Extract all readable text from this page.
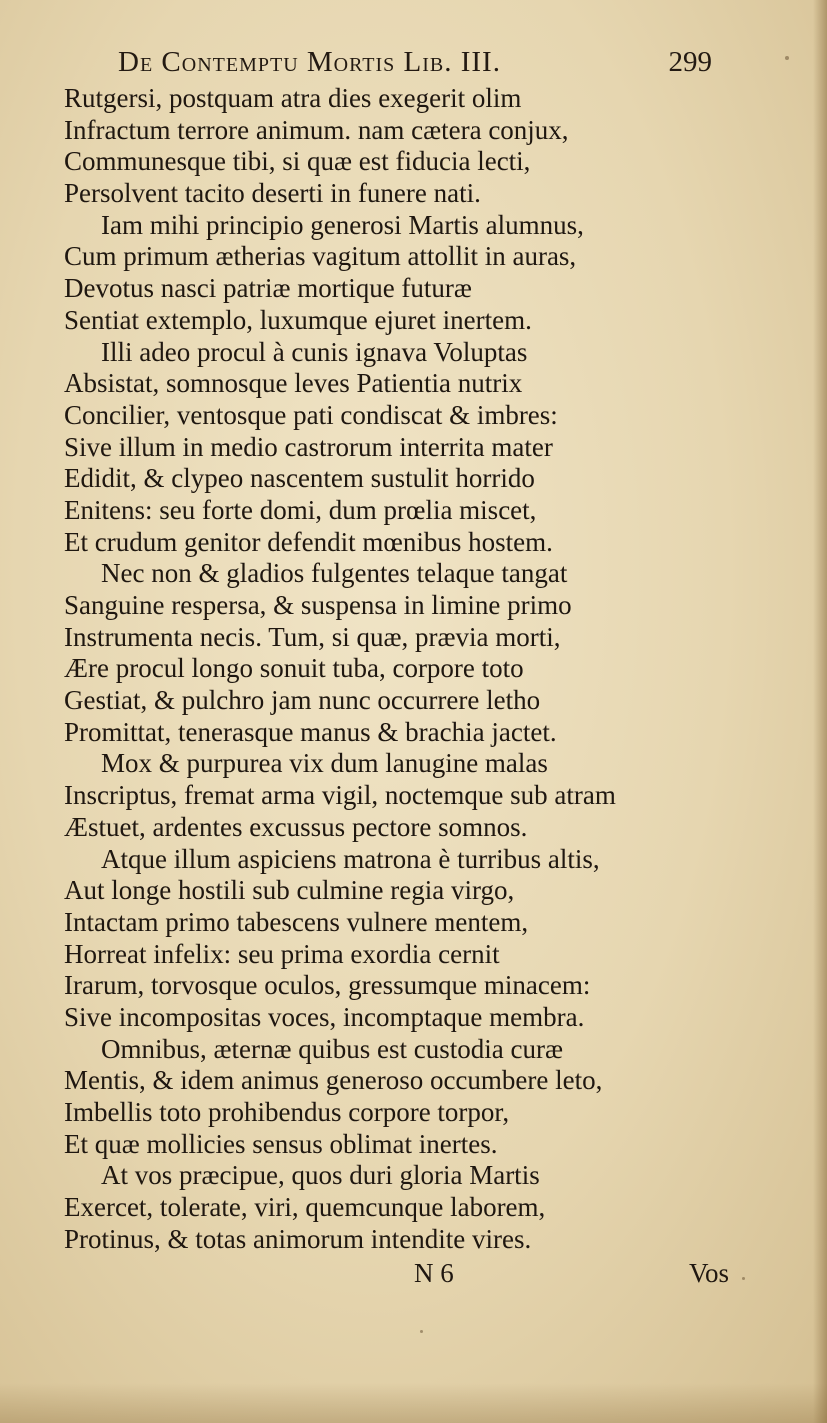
De Contemptu Mortis Lib. III.	299
Rutgersi, postquam atra dies exegerit olim
Infractum terrore animum. nam cætera conjux,
Communesque tibi, si quæ est fiducia lecti,
Persolvent tacito deserti in funere nati.
Iam mihi principio generosi Martis alumnus,
Cum primum ætherias vagitum attollit in auras,
Devotus nasci patriæ mortique futuræ
Sentiat extemplo, luxumque ejuret inertem.
Illi adeo procul à cunis ignava Voluptas
Absistat, somnosque leves Patientia nutrix
Concilier, ventosque pati condiscat & imbres:
Sive illum in medio castrorum interrita mater
Edidit, & clypeo nascentem sustulit horrido
Enitens: seu forte domi, dum prœlia miscet,
Et crudum genitor defendit mœnibus hostem.
Nec non & gladios fulgentes telaque tangat
Sanguine respersa, & suspensa in limine primo
Instrumenta necis. Tum, si quæ, prævia morti,
Ære procul longo sonuit tuba, corpore toto
Gestiat, & pulchro jam nunc occurrere letho
Promittat, tenerasque manus & brachia jactet.
Mox & purpurea vix dum lanugine malas
Inscriptus, fremat arma vigil, noctemque sub atram
Æstuet, ardentes excussus pectore somnos.
Atque illum aspiciens matrona è turribus altis,
Aut longe hostili sub culmine regia virgo,
Intactam primo tabescens vulnere mentem,
Horreat infelix: seu prima exordia cernit
Irarum, torvosque oculos, gressumque minacem:
Sive incompositas voces, incomptaque membra.
Omnibus, æternæ quibus est custodia curæ
Mentis, & idem animus generoso occumbere leto,
Imbellis toto prohibendus corpore torpor,
Et quæ mollicies sensus oblimat inertes.
At vos præcipue, quos duri gloria Martis
Exercet, tolerate, viri, quemcunque laborem,
Protinus, & totas animorum intendite vires.
N 6	Vos
